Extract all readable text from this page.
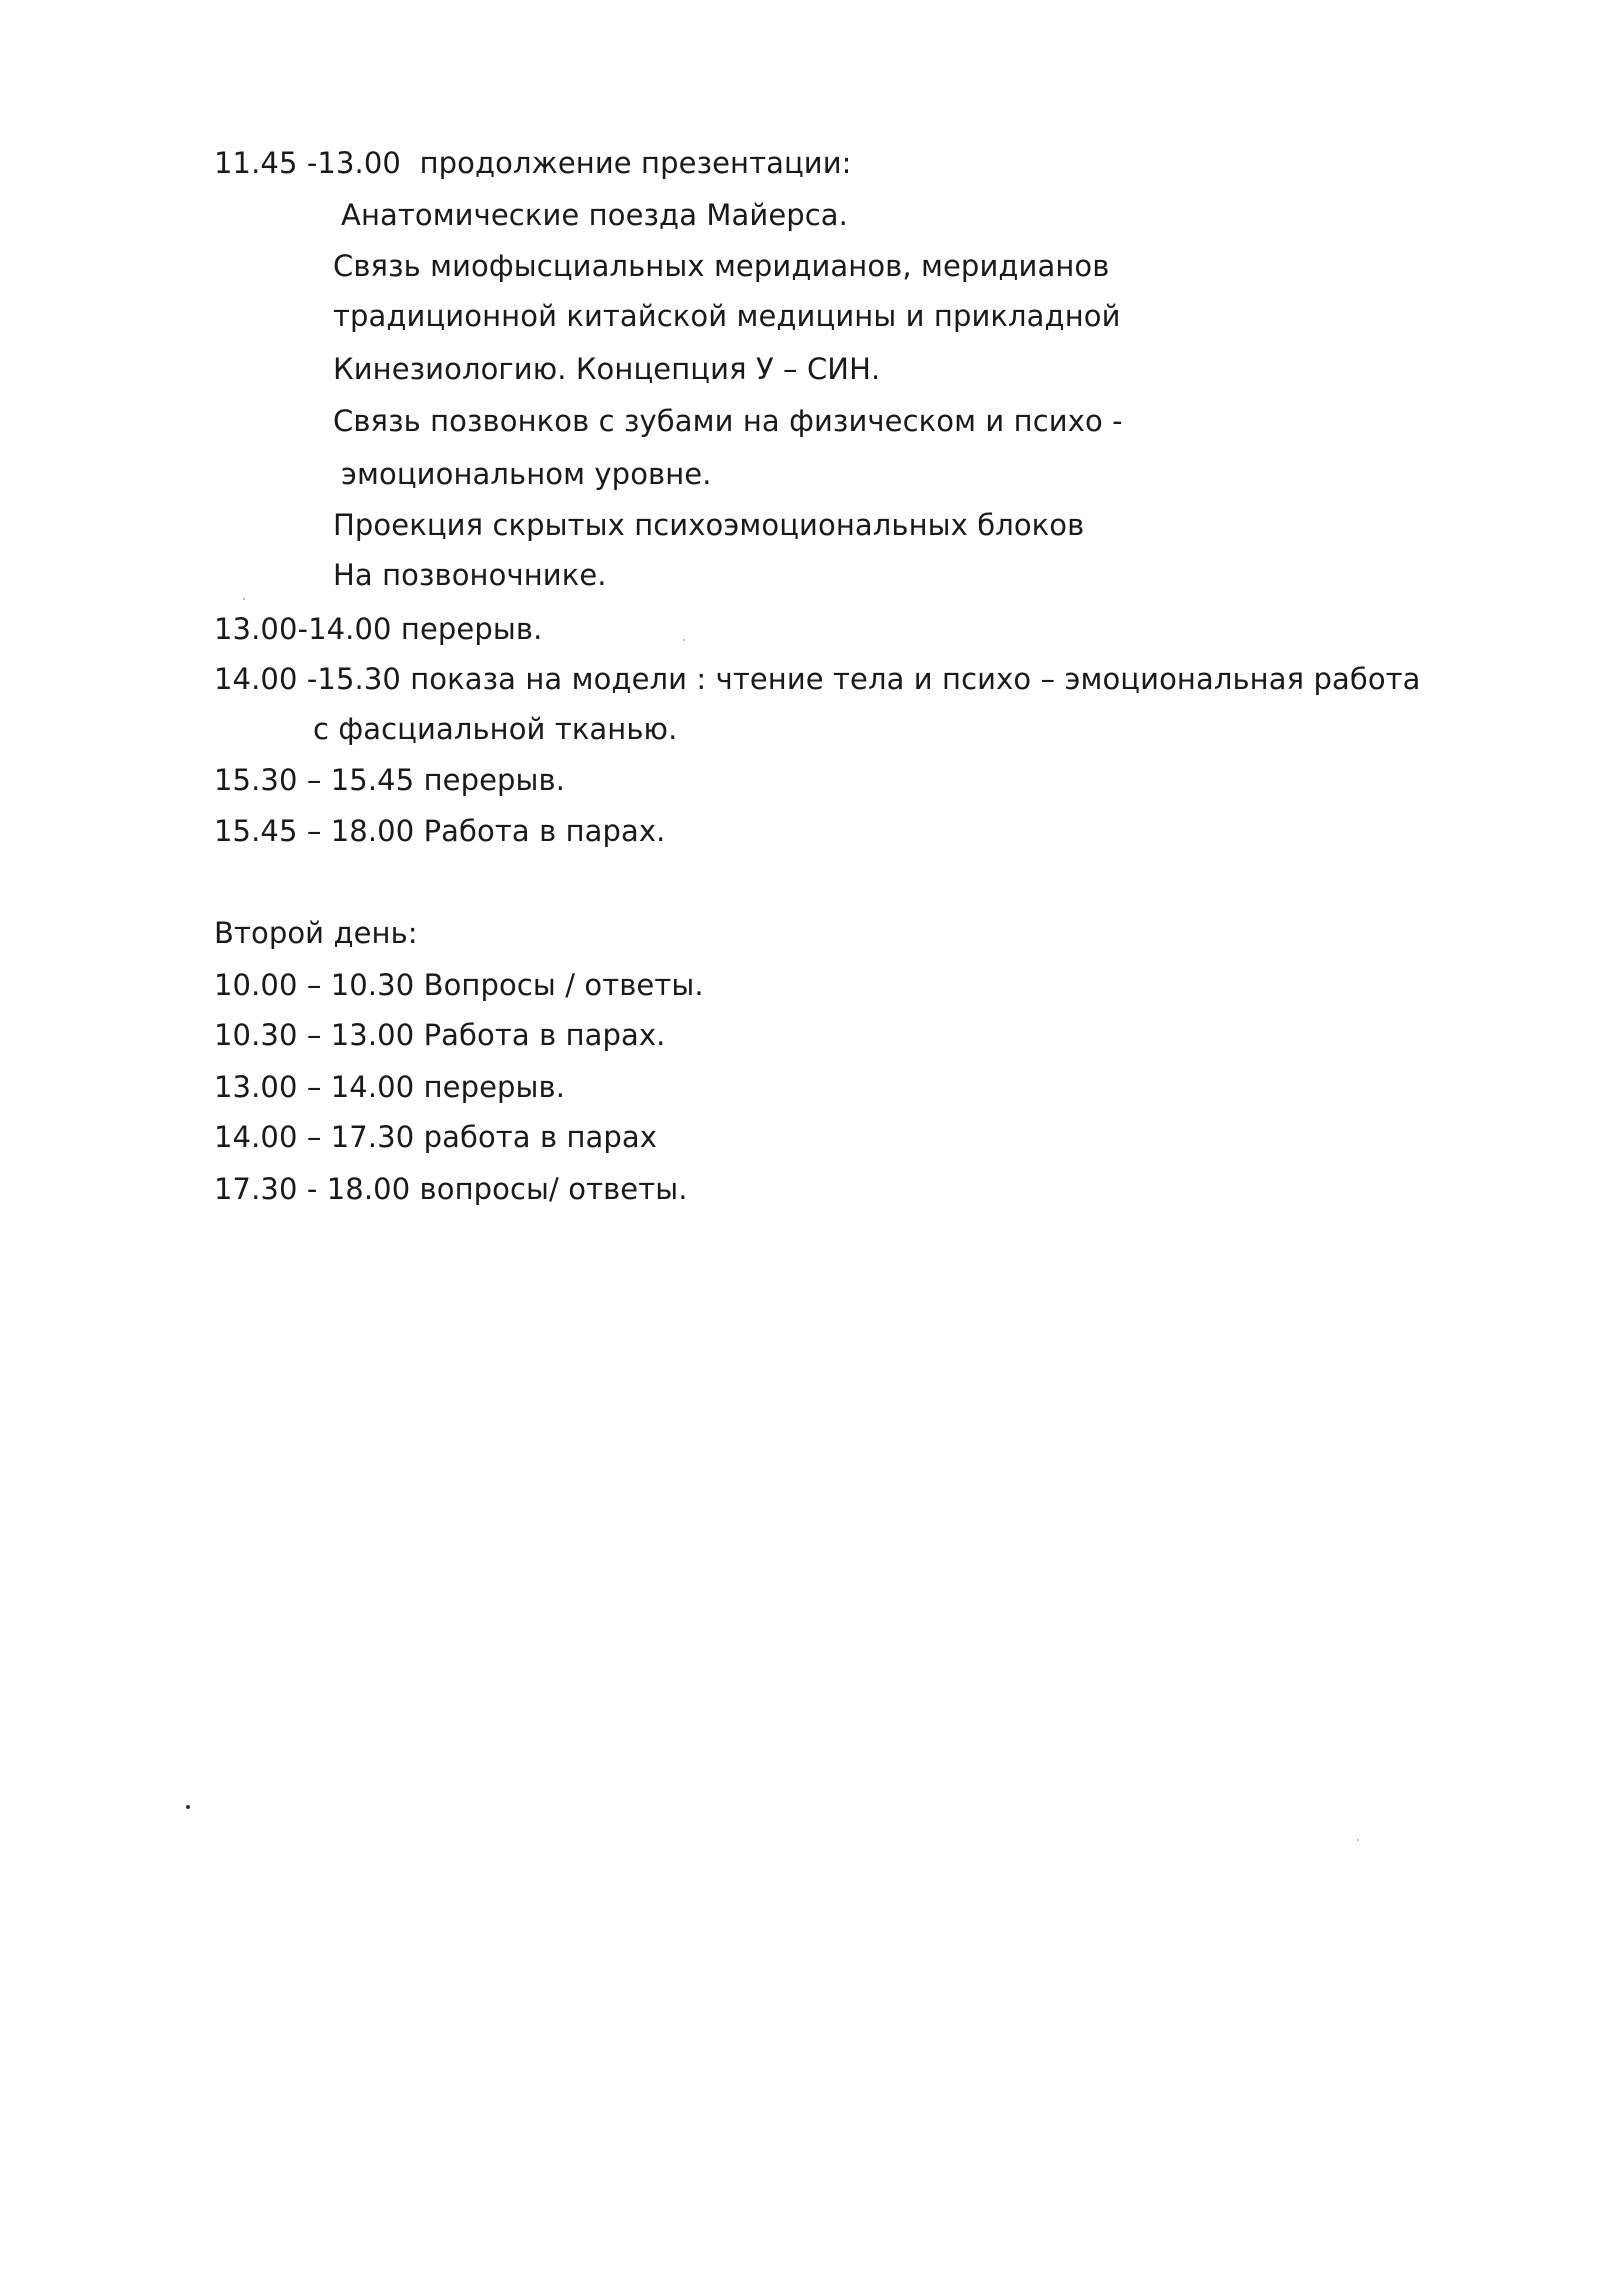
11.45 -13.00 продолжение презентации:
Анатомические поезда Майерса.
Связь миофысциальных меридианов, меридианов
традиционной китайской медицины и прикладной
Кинезиологию. Концепция У – СИН.
Связь позвонков с зубами на физическом и психо -
эмоциональном уровне.
Проекция скрытых психоэмоциональных блоков
На позвоночнике.
13.00-14.00 перерыв.
14.00 -15.30 показа на модели : чтение тела и психо – эмоциональная работа
с фасциальной тканью.
15.30 – 15.45 перерыв.
15.45 – 18.00 Работа в парах.
Второй день:
10.00 – 10.30 Вопросы / ответы.
10.30 – 13.00 Работа в парах.
13.00 – 14.00 перерыв.
14.00 – 17.30 работа в парах
17.30 - 18.00 вопросы/ ответы.
